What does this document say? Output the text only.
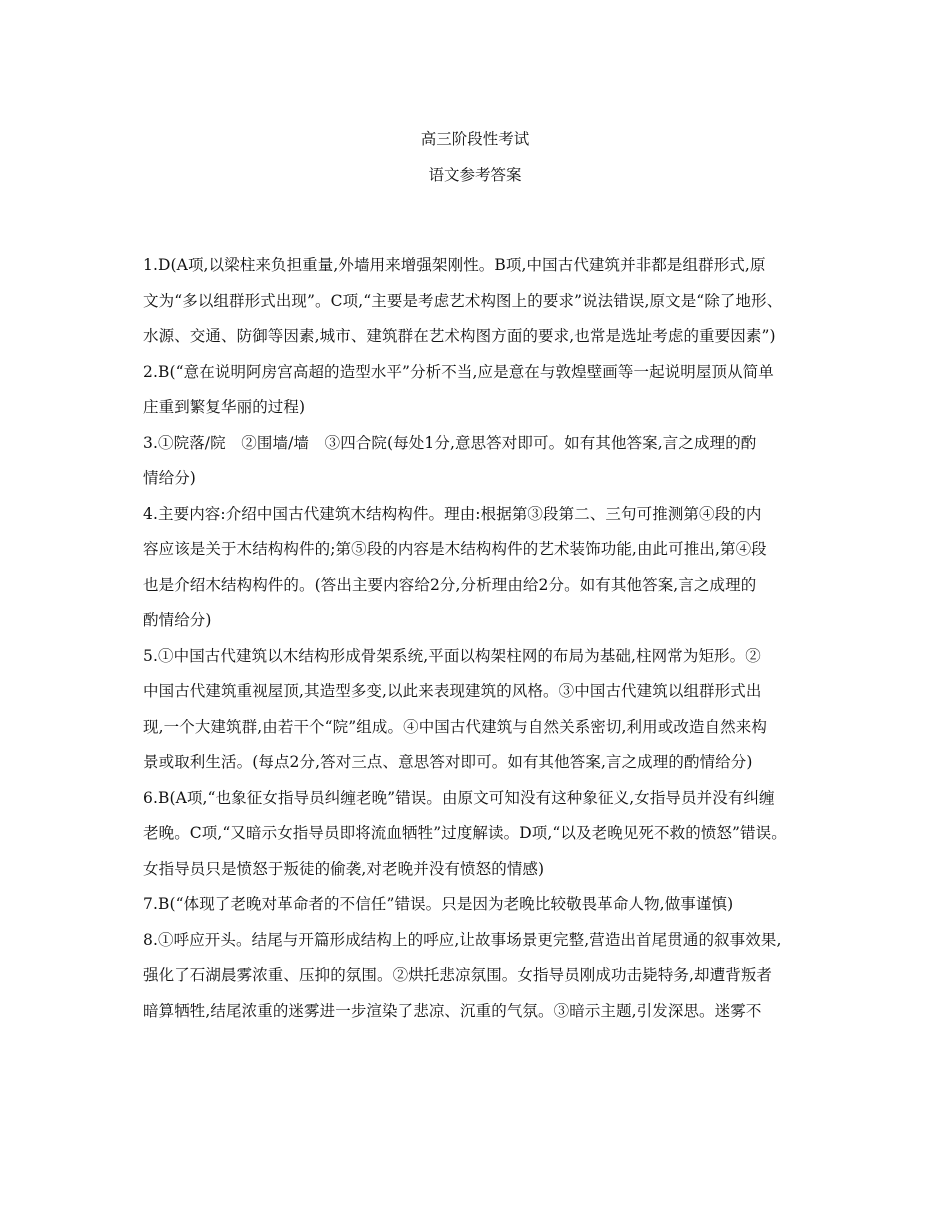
高三阶段性考试
语文参考答案
1.D(A项,以梁柱来负担重量,外墙用来增强架刚性。B项,中国古代建筑并非都是组群形式,原
文为“多以组群形式出现”。C项,“主要是考虑艺术构图上的要求”说法错误,原文是“除了地形、
水源、交通、防御等因素,城市、建筑群在艺术构图方面的要求,也常是选址考虑的重要因素”)
2.B(“意在说明阿房宫高超的造型水平”分析不当,应是意在与敦煌壁画等一起说明屋顶从简单
庄重到繁复华丽的过程)
3.①院落/院　②围墙/墙　③四合院(每处1分,意思答对即可。如有其他答案,言之成理的酌
情给分)
4.主要内容:介绍中国古代建筑木结构构件。理由:根据第③段第二、三句可推测第④段的内
容应该是关于木结构构件的;第⑤段的内容是木结构构件的艺术装饰功能,由此可推出,第④段
也是介绍木结构构件的。(答出主要内容给2分,分析理由给2分。如有其他答案,言之成理的
酌情给分)
5.①中国古代建筑以木结构形成骨架系统,平面以构架柱网的布局为基础,柱网常为矩形。②
中国古代建筑重视屋顶,其造型多变,以此来表现建筑的风格。③中国古代建筑以组群形式出
现,一个大建筑群,由若干个“院”组成。④中国古代建筑与自然关系密切,利用或改造自然来构
景或取利生活。(每点2分,答对三点、意思答对即可。如有其他答案,言之成理的酌情给分)
6.B(A项,“也象征女指导员纠缠老晚”错误。由原文可知没有这种象征义,女指导员并没有纠缠
老晚。C项,“又暗示女指导员即将流血牺牲”过度解读。D项,“以及老晚见死不救的愤怒”错误。
女指导员只是愤怒于叛徒的偷袭,对老晚并没有愤怒的情感)
7.B(“体现了老晚对革命者的不信任”错误。只是因为老晚比较敬畏革命人物,做事谨慎)
8.①呼应开头。结尾与开篇形成结构上的呼应,让故事场景更完整,营造出首尾贯通的叙事效果,
强化了石湖晨雾浓重、压抑的氛围。②烘托悲凉氛围。女指导员刚成功击毙特务,却遭背叛者
暗算牺牲,结尾浓重的迷雾进一步渲染了悲凉、沉重的气氛。③暗示主题,引发深思。迷雾不
